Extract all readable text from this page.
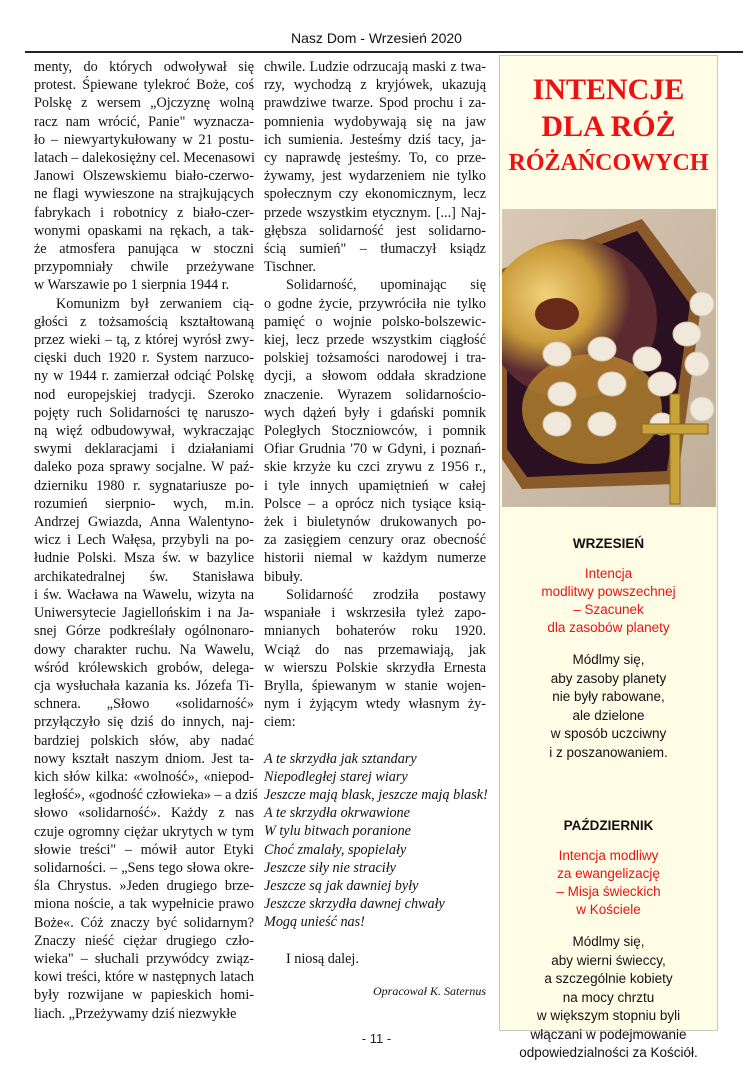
Nasz Dom - Wrzesień 2020
menty, do których odwoływał się
protest. Śpiewane tylekroć Boże, coś
Polskę z wersem „Ojczyznę wolną
racz nam wrócić, Panie" wyznacza-
ło – niewyartykułowany w 21 postu-
latach – dalekosiężny cel. Mecenasowi
Janowi Olszewskiemu biało-czerwo-
ne flagi wywieszone na strajkujących
fabrykach i robotnicy z biało-czer-
wonymi opaskami na rękach, a tak-
że atmosfera panująca w stoczni
przypomniały chwile przeżywane
w Warszawie po 1 sierpnia 1944 r.
Komunizm był zerwaniem cią-
głości z tożsamością kształtowaną
przez wieki – tą, z której wyrósł zwy-
cięski duch 1920 r. System narzuco-
ny w 1944 r. zamierzał odciąć Polskę
nod europejskiej tradycji. Szeroko
pojęty ruch Solidarności tę naruszo-
ną więź odbudowywał, wykraczając
swymi deklaracjami i działaniami
daleko poza sprawy socjalne. W paź-
dzierniku 1980 r. sygnatariusze po-
rozumień sierpnio- wych, m.in.
Andrzej Gwiazda, Anna Walentyno-
wicz i Lech Wałęsa, przybyli na po-
łudnie Polski. Msza św. w bazylice
archikatedralnej św. Stanisława
i św. Wacława na Wawelu, wizyta na
Uniwersytecie Jagiellońskim i na Ja-
snej Górze podkreślały ogólnonaro-
dowy charakter ruchu. Na Wawelu,
wśród królewskich grobów, delega-
cja wysłuchała kazania ks. Józefa Ti-
schnera. „Słowo «solidarność»
przyłączyło się dziś do innych, naj-
bardziej polskich słów, aby nadać
nowy kształt naszym dniom. Jest ta-
kich słów kilka: «wolność», «niepod-
ległość», «godność człowieka» – a dziś
słowo «solidarność». Każdy z nas
czuje ogromny ciężar ukrytych w tym
słowie treści" – mówił autor Etyki
solidarności. – „Sens tego słowa okre-
śla Chrystus. »Jeden drugiego brze-
miona noście, a tak wypełnicie prawo
Boże«. Cóż znaczy być solidarnym?
Znaczy nieść ciężar drugiego czło-
wieka" – słuchali przywódcy związ-
kowi treści, które w następnych latach
były rozwijane w papieskich homi-
liach. „Przeżywamy dziś niezwykłe
chwile. Ludzie odrzucają maski z twa-
rzy, wychodzą z kryjówek, ukazują
prawdziwe twarze. Spod prochu i za-
pomnienia wydobywają się na jaw
ich sumienia. Jesteśmy dziś tacy, ja-
cy naprawdę jesteśmy. To, co prze-
żywamy, jest wydarzeniem nie tylko
społecznym czy ekonomicznym, lecz
przede wszystkim etycznym. [...] Naj-
głębsza solidarność jest solidarno-
ścią sumień" – tłumaczył ksiądz
Tischner.
Solidarność, upominając się
o godne życie, przywróciła nie tylko
pamięć o wojnie polsko-bolszewic-
kiej, lecz przede wszystkim ciągłość
polskiej tożsamości narodowej i tra-
dycji, a słowom oddała skradzione
znaczenie. Wyrazem solidarnościo-
wych dążeń były i gdański pomnik
Poległych Stoczniowców, i pomnik
Ofiar Grudnia '70 w Gdyni, i poznań-
skie krzyże ku czci zrywu z 1956 r.,
i tyle innych upamiętnień w całej
Polsce – a oprócz nich tysiące ksią-
żek i biuletynów drukowanych po-
za zasięgiem cenzury oraz obecność
historii niemal w każdym numerze
bibuły.
Solidarność zrodziła postawy
wspaniałe i wskrzesiła tyleż zapo-
mnianych bohaterów roku 1920.
Wciąż do nas przemawiają, jak
w wierszu Polskie skrzydła Ernesta
Brylla, śpiewanym w stanie wojen-
nym i żyjącym wtedy własnym ży-
ciem:
A te skrzydła jak sztandary
Niepodległej starej wiary
Jeszcze mają blask, jeszcze mają blask!
A te skrzydła okrwawione
W tylu bitwach poranione
Choć zmalały, spopielały
Jeszcze siły nie straciły
Jeszcze są jak dawniej były
Jeszcze skrzydła dawnej chwały
Mogą unieść nas!
I niosą dalej.
Opracował K. Saternus
INTENCJE
DLA RÓŻ
RÓŻAŃCOWYCH
WRZESIEŃ
Intencja
modlitwy powszechnej
– Szacunek
dla zasobów planety
Módlmy się,
aby zasoby planety
nie były rabowane,
ale dzielone
w sposób uczciwny
i z poszanowaniem.
PAŹDZIERNIK
Intencja modliwy
za ewangelizację
– Misja świeckich
w Kościele
Módlmy się,
aby wierni świeccy,
a szczególnie kobiety
na mocy chrztu
w większym stopniu byli
włączani w podejmowanie
odpowiedzialności za Kościół.
- 11 -
